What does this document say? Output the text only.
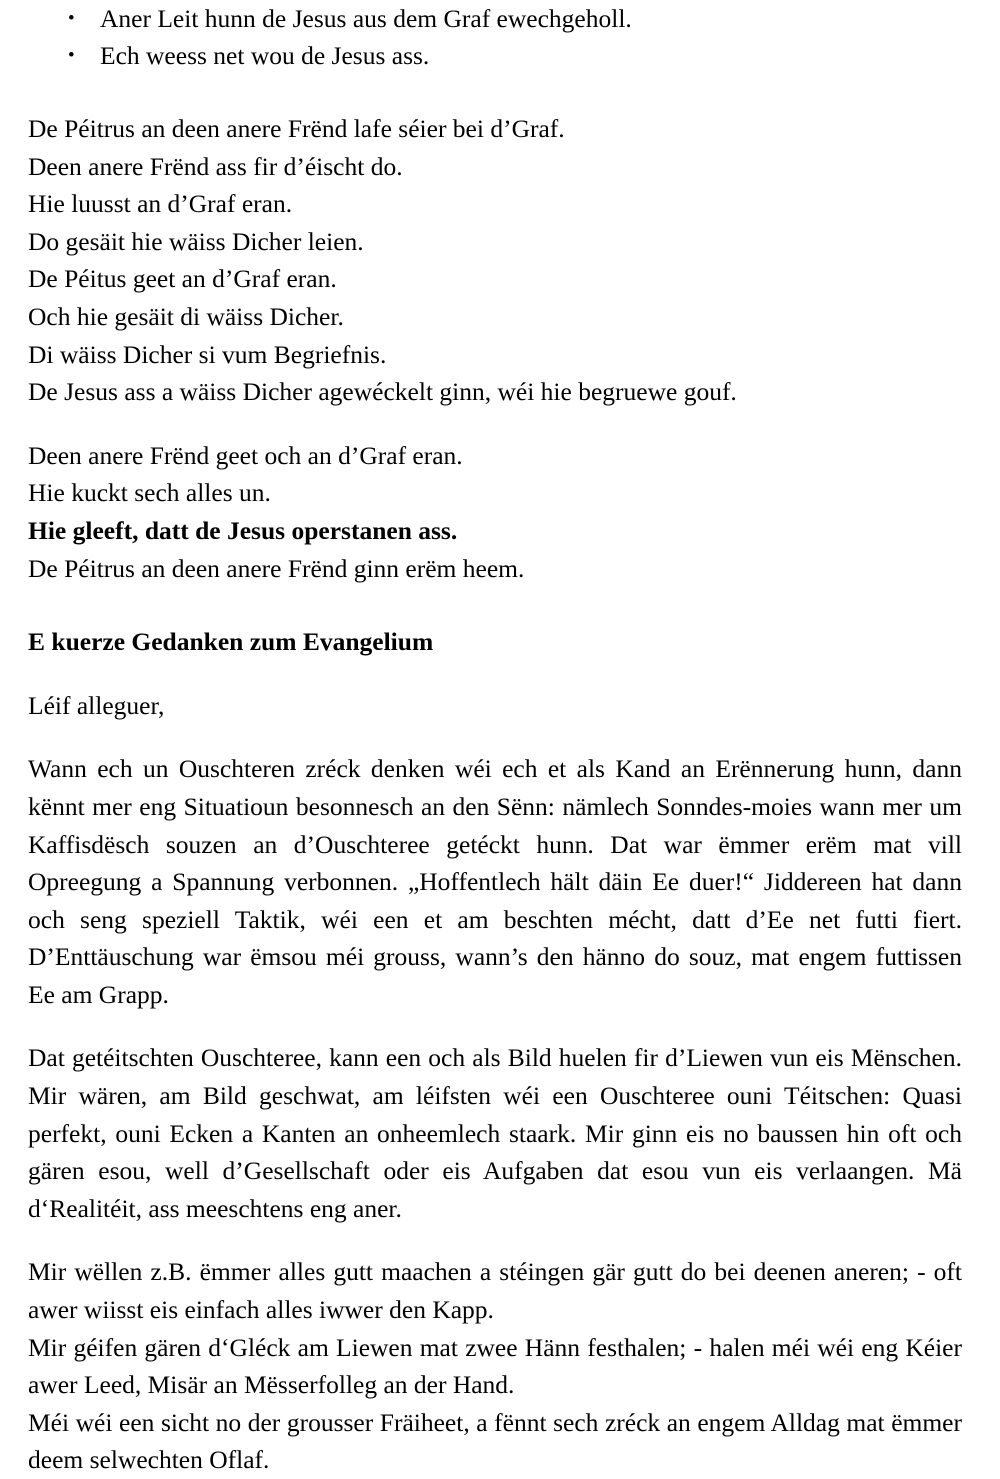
• Aner Leit hunn de Jesus aus dem Graf ewechgeholl.
• Ech weess net wou de Jesus ass.
De Péitrus an deen anere Frënd lafe séier bei d’Graf.
Deen anere Frënd ass fir d’éischt do.
Hie luusst an d’Graf eran.
Do gesäit hie wäiss Dicher leien.
De Péitus geet an d’Graf eran.
Och hie gesäit di wäiss Dicher.
Di wäiss Dicher si vum Begriefnis.
De Jesus ass a wäiss Dicher agewéckelt ginn, wéi hie begruewe gouf.
Deen anere Frënd geet och an d’Graf eran.
Hie kuckt sech alles un.
Hie gleeft, datt de Jesus operstanen ass.
De Péitrus an deen anere Frënd ginn erëm heem.
E kuerze Gedanken zum Evangelium
Léif alleguer,
Wann ech un Ouschteren zréck denken wéi ech et als Kand an Erënnerung hunn, dann kënnt mer eng Situatioun besonnesch an den Sënn: nämlech Sonndes-moies wann mer um Kaffisdësch souzen an d’Ouschteree getéckt hunn. Dat war ëmmer erëm mat vill Opreegung a Spannung verbonnen. „Hoffentlech hält däin Ee duer!“ Jiddereen hat dann och seng speziell Taktik, wéi een et am beschten mécht, datt d’Ee net futti fiert. D’Enttäuschung war ëmsou méi grouss, wann’s den hänno do souz, mat engem futtissen Ee am Grapp.
Dat getéitschten Ouschteree, kann een och als Bild huelen fir d’Liewen vun eis Mënschen. Mir wären, am Bild geschwat, am léifsten wéi een Ouschteree ouni Téitschen: Quasi perfekt, ouni Ecken a Kanten an onheemlech staark. Mir ginn eis no baussen hin oft och gären esou, well d’Gesellschaft oder eis Aufgaben dat esou vun eis verlaangen. Mä d‘Realitéit, ass meeschtens eng aner.
Mir wëllen z.B. ëmmer alles gutt maachen a stéingen gär gutt do bei deenen aneren; - oft awer wiisst eis einfach alles iwwer den Kapp.
Mir géifen gären d‘Gléck am Liewen mat zwee Hänn festhalen; - halen méi wéi eng Kéier awer Leed, Misär an Mësserfolleg an der Hand.
Méi wéi een sicht no der grousser Fräiheet, a fënnt sech zréck an engem Alldag mat ëmmer deem selwechten Oflaf.
